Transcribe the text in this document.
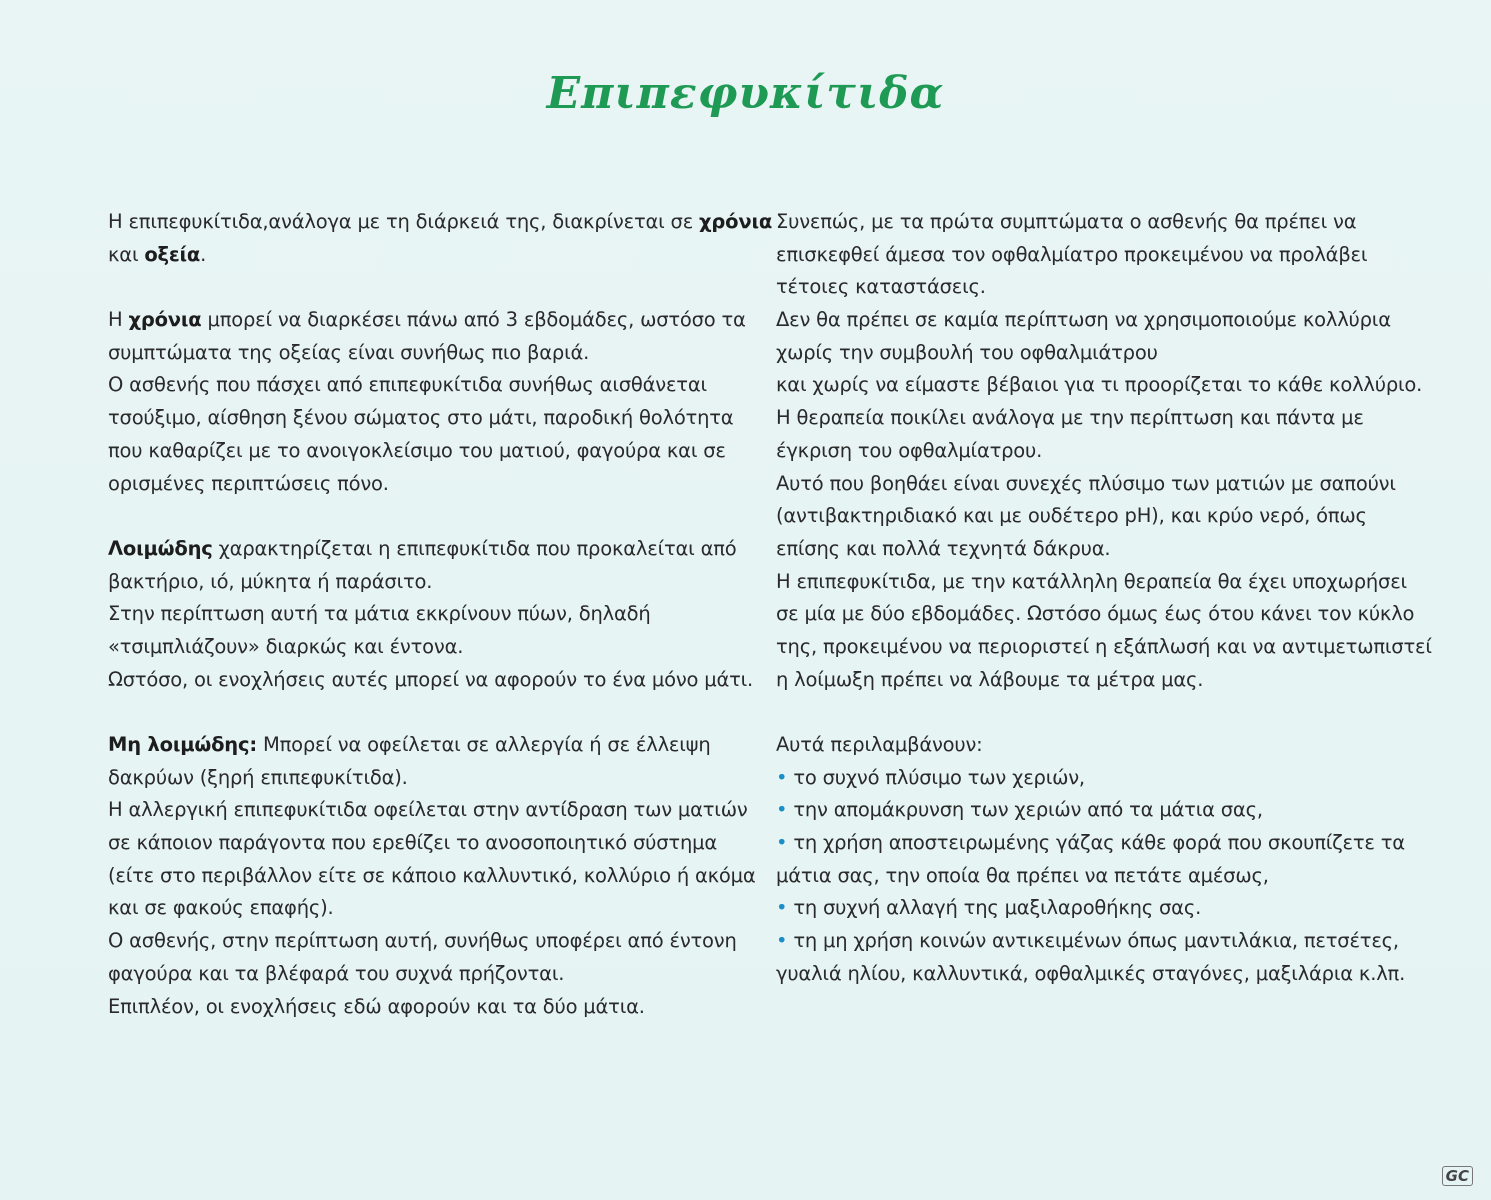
Επιπεφυκίτιδα
Η επιπεφυκίτιδα,ανάλογα με τη διάρκειά της, διακρίνεται σε χρόνια
και οξεία.
Η χρόνια μπορεί να διαρκέσει πάνω από 3 εβδομάδες, ωστόσο τα
συμπτώματα της οξείας είναι συνήθως πιο βαριά.
Ο ασθενής που πάσχει από επιπεφυκίτιδα συνήθως αισθάνεται
τσούξιμο, αίσθηση ξένου σώματος στο μάτι, παροδική θολότητα
που καθαρίζει με το ανοιγοκλείσιμο του ματιού, φαγούρα και σε
ορισμένες περιπτώσεις πόνο.
Λοιμώδης χαρακτηρίζεται η επιπεφυκίτιδα που προκαλείται από
βακτήριο, ιό, μύκητα ή παράσιτο.
Στην περίπτωση αυτή τα μάτια εκκρίνουν πύων, δηλαδή
«τσιμπλιάζουν» διαρκώς και έντονα.
Ωστόσο, οι ενοχλήσεις αυτές μπορεί να αφορούν το ένα μόνο μάτι.
Μη λοιμώδης: Μπορεί να οφείλεται σε αλλεργία ή σε έλλειψη
δακρύων (ξηρή επιπεφυκίτιδα).
Η αλλεργική επιπεφυκίτιδα οφείλεται στην αντίδραση των ματιών
σε κάποιον παράγοντα που ερεθίζει το ανοσοποιητικό σύστημα
(είτε στο περιβάλλον είτε σε κάποιο καλλυντικό, κολλύριο ή ακόμα
και σε φακούς επαφής).
Ο ασθενής, στην περίπτωση αυτή, συνήθως υποφέρει από έντονη
φαγούρα και τα βλέφαρά του συχνά πρήζονται.
Επιπλέον, οι ενοχλήσεις εδώ αφορούν και τα δύο μάτια.
Συνεπώς, με τα πρώτα συμπτώματα ο ασθενής θα πρέπει να
επισκεφθεί άμεσα τον οφθαλμίατρο προκειμένου να προλάβει
τέτοιες καταστάσεις.
Δεν θα πρέπει σε καμία περίπτωση να χρησιμοποιούμε κολλύρια
χωρίς την συμβουλή του οφθαλμιάτρου
και χωρίς να είμαστε βέβαιοι για τι προορίζεται το κάθε κολλύριο.
Η θεραπεία ποικίλει ανάλογα με την περίπτωση και πάντα με
έγκριση του οφθαλμίατρου.
Αυτό που βοηθάει είναι συνεχές πλύσιμο των ματιών με σαπούνι
(αντιβακτηριδιακό και με ουδέτερο pH), και κρύο νερό, όπως
επίσης και πολλά τεχνητά δάκρυα.
Η επιπεφυκίτιδα, με την κατάλληλη θεραπεία θα έχει υποχωρήσει
σε μία με δύο εβδομάδες. Ωστόσο όμως έως ότου κάνει τον κύκλο
της, προκειμένου να περιοριστεί η εξάπλωσή και να αντιμετωπιστεί
η λοίμωξη πρέπει να λάβουμε τα μέτρα μας.
Αυτά περιλαμβάνουν:
• το συχνό πλύσιμο των χεριών,
• την απομάκρυνση των χεριών από τα μάτια σας,
• τη χρήση αποστειρωμένης γάζας κάθε φορά που σκουπίζετε τα
μάτια σας, την οποία θα πρέπει να πετάτε αμέσως,
• τη συχνή αλλαγή της μαξιλαροθήκης σας.
• τη μη χρήση κοινών αντικειμένων όπως μαντιλάκια, πετσέτες,
γυαλιά ηλίου, καλλυντικά, οφθαλμικές σταγόνες, μαξιλάρια κ.λπ.
GC
